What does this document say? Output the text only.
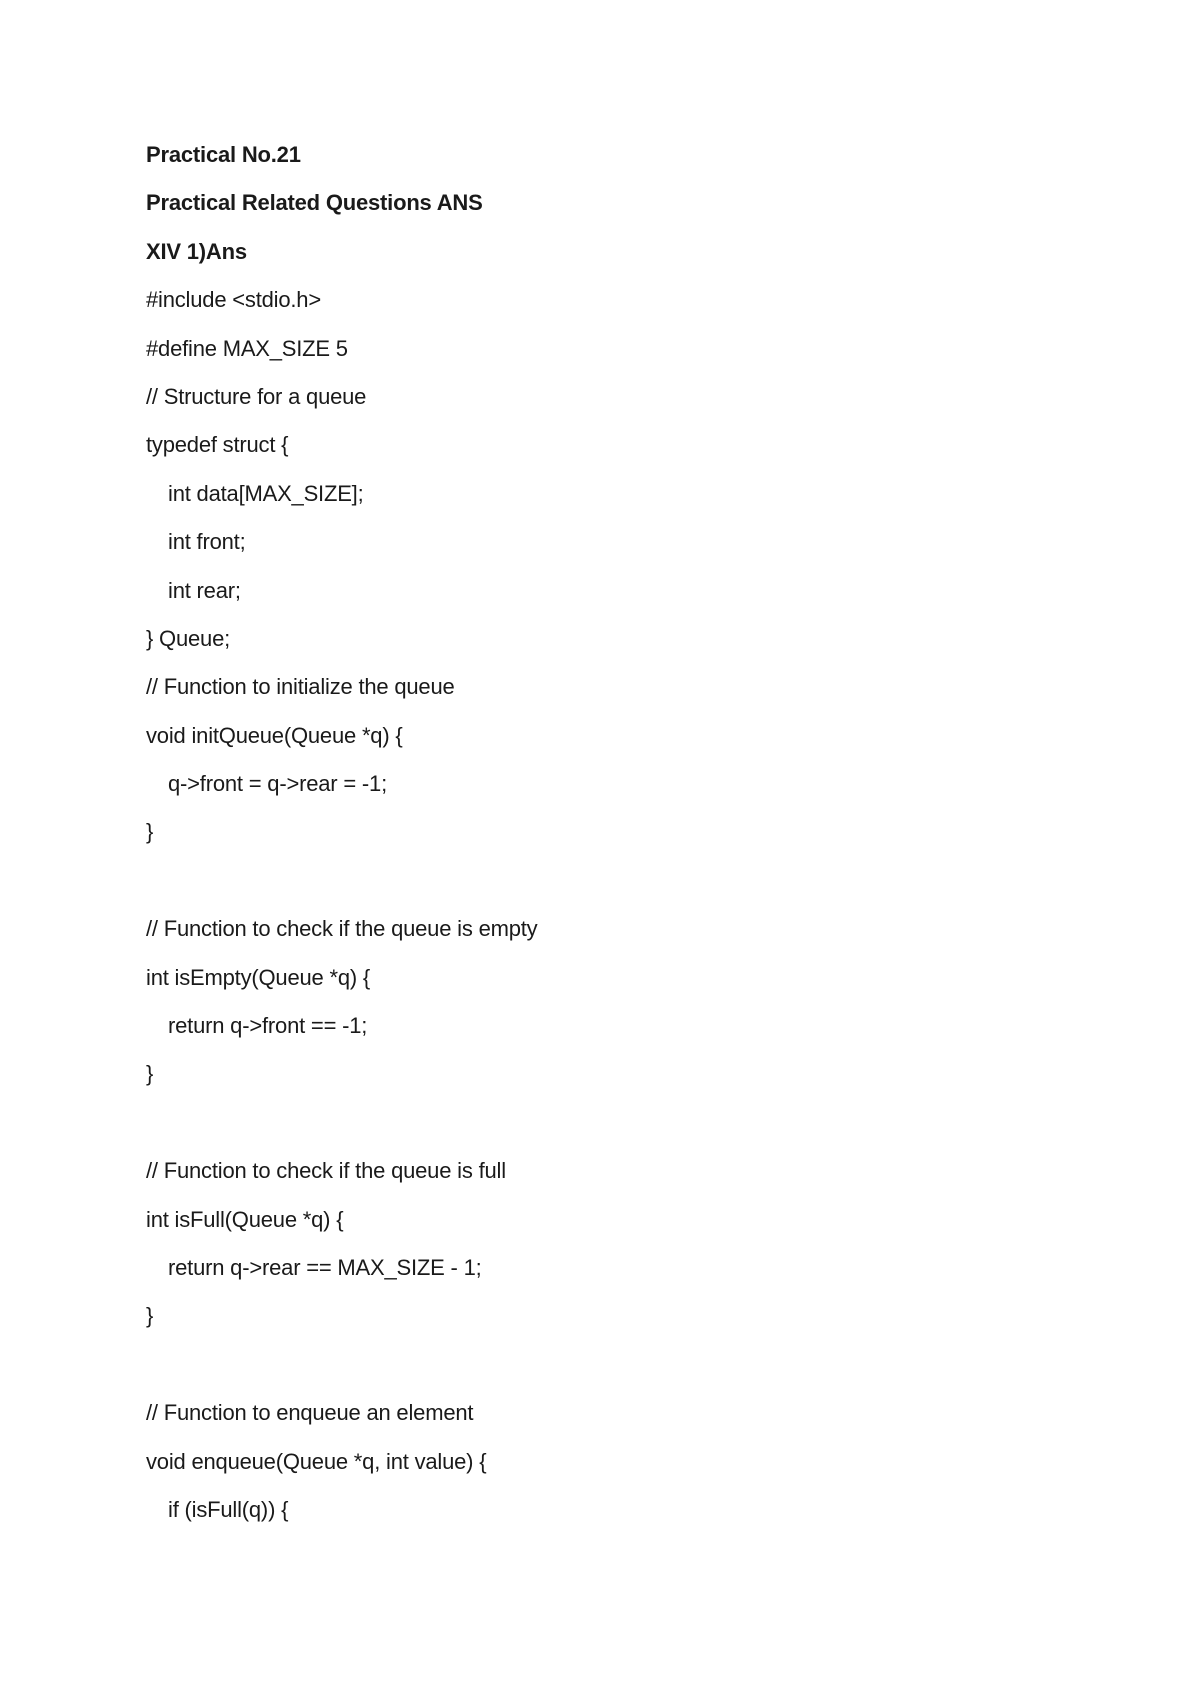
Practical No.21
Practical Related Questions ANS
XIV 1)Ans
#include <stdio.h>
#define MAX_SIZE 5
// Structure for a queue
typedef struct {
int data[MAX_SIZE];
int front;
int rear;
} Queue;
// Function to initialize the queue
void initQueue(Queue *q) {
q->front = q->rear = -1;
}
// Function to check if the queue is empty
int isEmpty(Queue *q) {
return q->front == -1;
}
// Function to check if the queue is full
int isFull(Queue *q) {
return q->rear == MAX_SIZE - 1;
}
// Function to enqueue an element
void enqueue(Queue *q, int value) {
if (isFull(q)) {
